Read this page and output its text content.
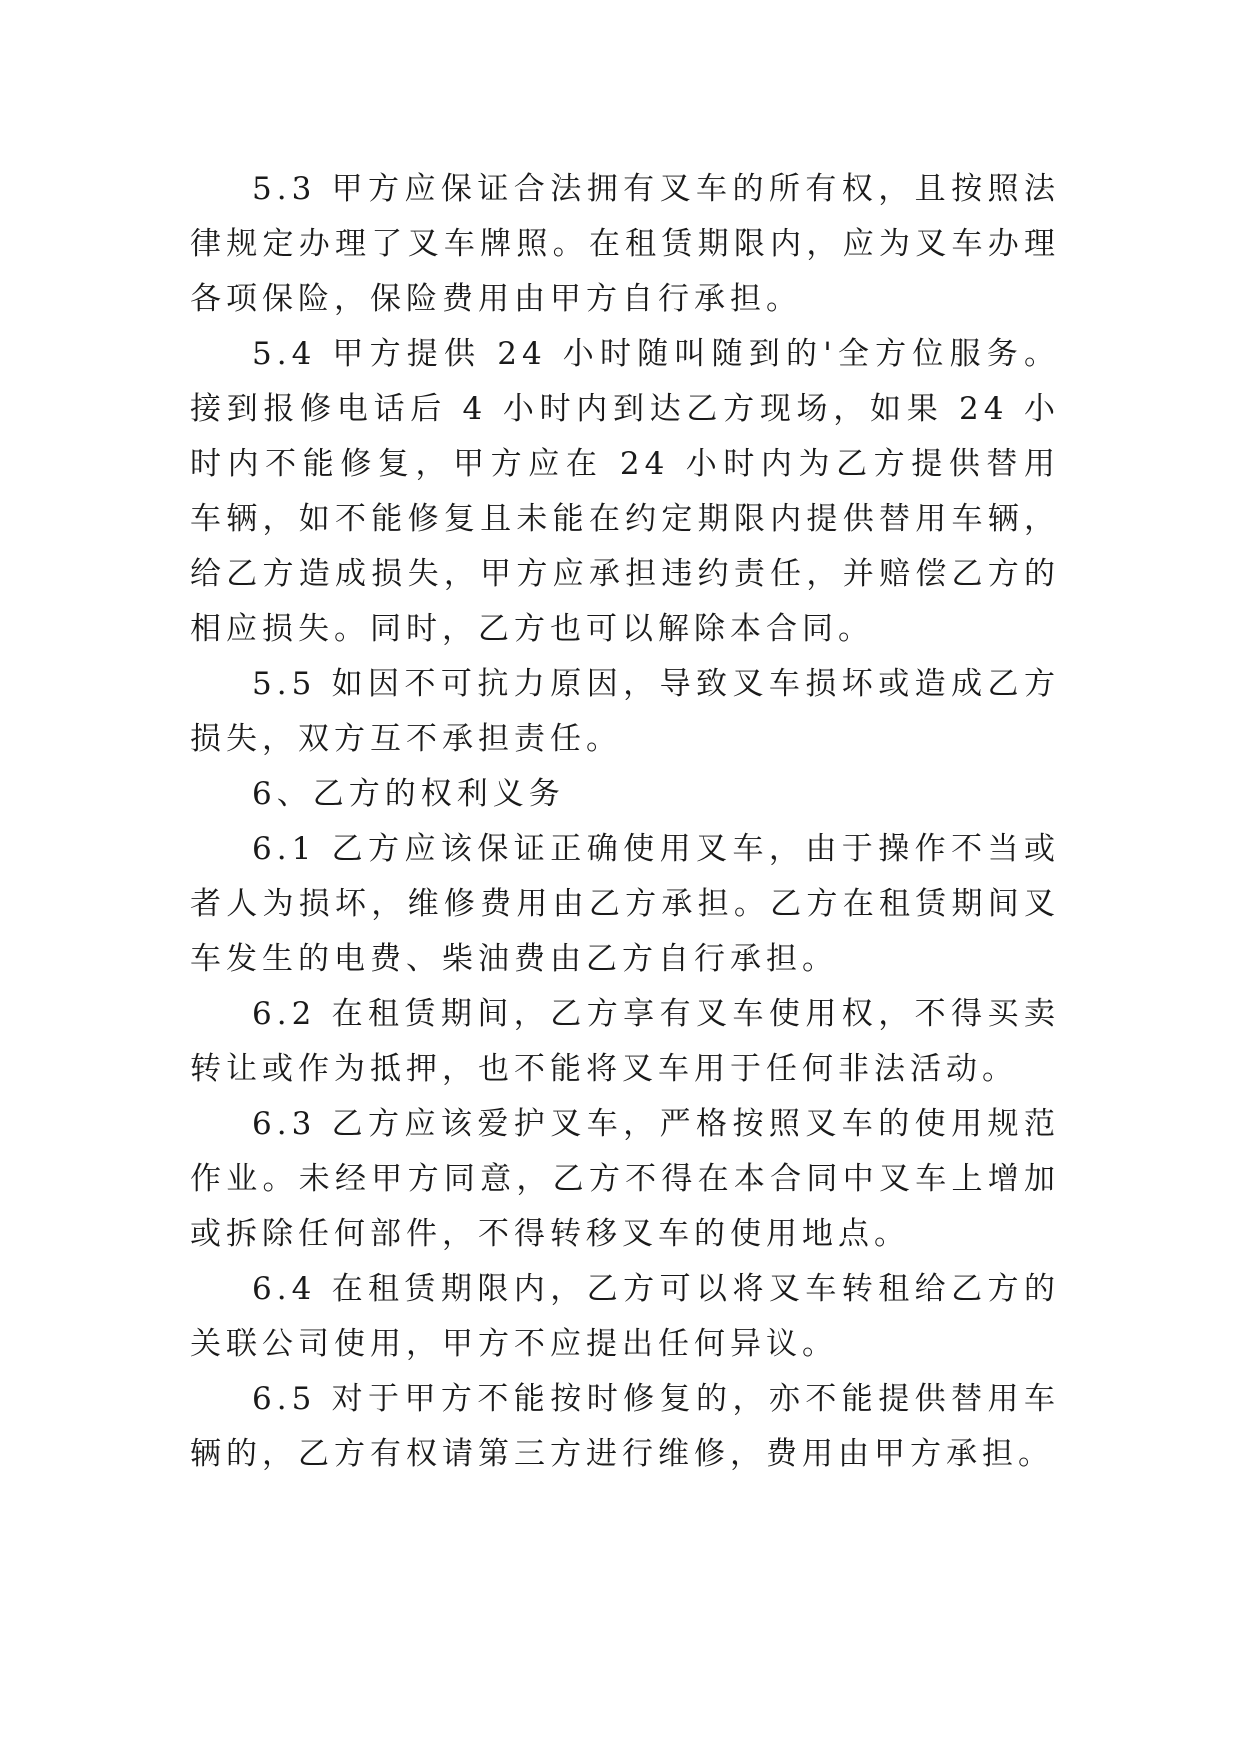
5.3 甲方应保证合法拥有叉车的所有权，且按照法律规定办理了叉车牌照。在租赁期限内，应为叉车办理各项保险，保险费用由甲方自行承担。

5.4 甲方提供 24 小时随叫随到的'全方位服务。接到报修电话后 4 小时内到达乙方现场，如果 24 小时内不能修复，甲方应在 24 小时内为乙方提供替用车辆，如不能修复且未能在约定期限内提供替用车辆，给乙方造成损失，甲方应承担违约责任，并赔偿乙方的相应损失。同时，乙方也可以解除本合同。

5.5 如因不可抗力原因，导致叉车损坏或造成乙方损失，双方互不承担责任。

6、乙方的权利义务

6.1 乙方应该保证正确使用叉车，由于操作不当或者人为损坏，维修费用由乙方承担。乙方在租赁期间叉车发生的电费、柴油费由乙方自行承担。

6.2 在租赁期间，乙方享有叉车使用权，不得买卖转让或作为抵押，也不能将叉车用于任何非法活动。

6.3 乙方应该爱护叉车，严格按照叉车的使用规范作业。未经甲方同意，乙方不得在本合同中叉车上增加或拆除任何部件，不得转移叉车的使用地点。

6.4 在租赁期限内，乙方可以将叉车转租给乙方的关联公司使用，甲方不应提出任何异议。

6.5 对于甲方不能按时修复的，亦不能提供替用车辆的，乙方有权请第三方进行维修，费用由甲方承担。
